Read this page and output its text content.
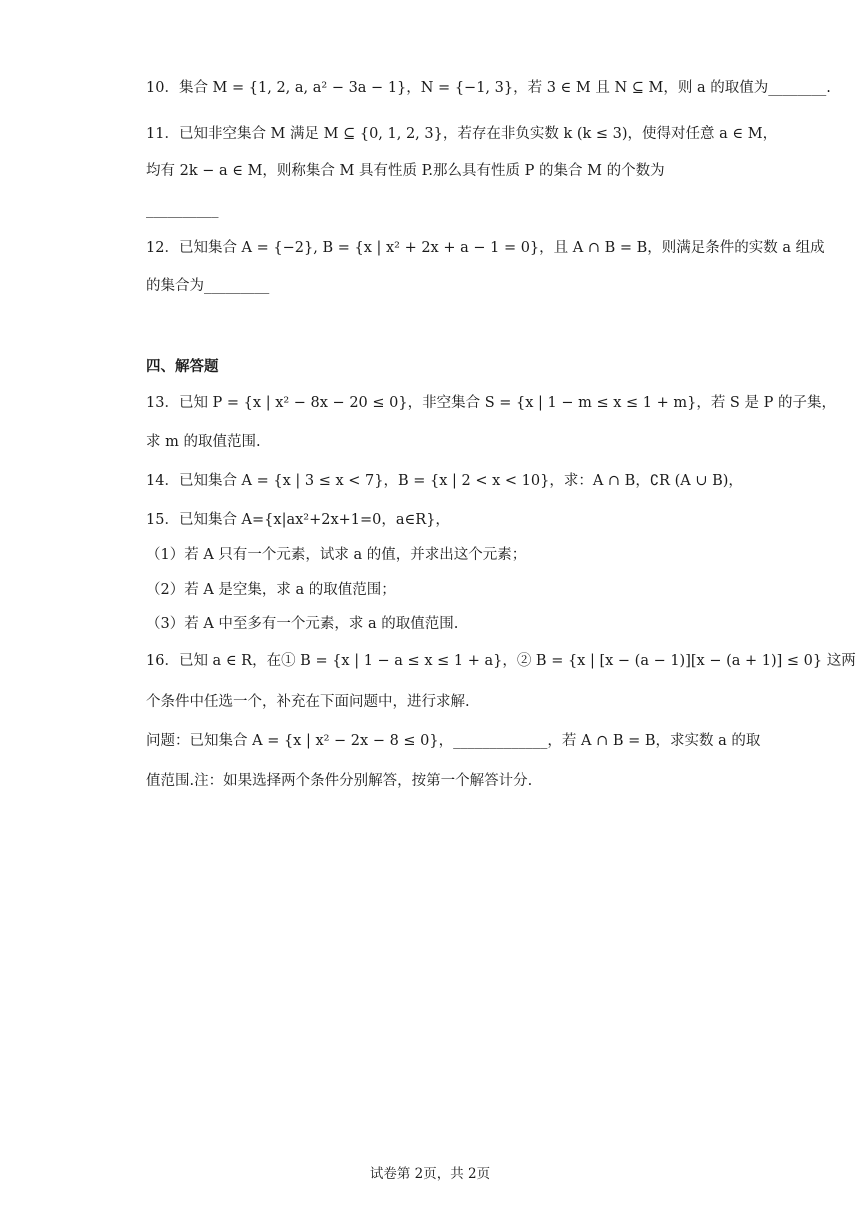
10．集合 M = {1, 2, a, a² − 3a − 1}，N = {−1, 3}，若 3 ∈ M 且 N ⊆ M，则 a 的取值为________.
11．已知非空集合 M 满足 M ⊆ {0, 1, 2, 3}，若存在非负实数 k (k ≤ 3)，使得对任意 a ∈ M，
均有 2k − a ∈ M，则称集合 M 具有性质 P.那么具有性质 P 的集合 M 的个数为
__________
12．已知集合 A = {−2}, B = {x | x² + 2x + a − 1 = 0}，且 A ∩ B = B，则满足条件的实数 a 组成
的集合为_________
四、解答题
13．已知 P = {x | x² − 8x − 20 ≤ 0}，非空集合 S = {x | 1 − m ≤ x ≤ 1 + m}，若 S 是 P 的子集，
求 m 的取值范围.
14．已知集合 A = {x | 3 ≤ x < 7}，B = {x | 2 < x < 10}，求：A ∩ B，∁R (A ∪ B)，
15．已知集合 A={x|ax²+2x+1=0，a∈R}，
（1）若 A 只有一个元素，试求 a 的值，并求出这个元素；
（2）若 A 是空集，求 a 的取值范围；
（3）若 A 中至多有一个元素，求 a 的取值范围.
16．已知 a ∈ R，在① B = {x | 1 − a ≤ x ≤ 1 + a}，② B = {x | [x − (a − 1)][x − (a + 1)] ≤ 0} 这两
个条件中任选一个，补充在下面问题中，进行求解.
问题：已知集合 A = {x | x² − 2x − 8 ≤ 0}，_____________，若 A ∩ B = B，求实数 a 的取
值范围.注：如果选择两个条件分别解答，按第一个解答计分.
试卷第 2页，共 2页
